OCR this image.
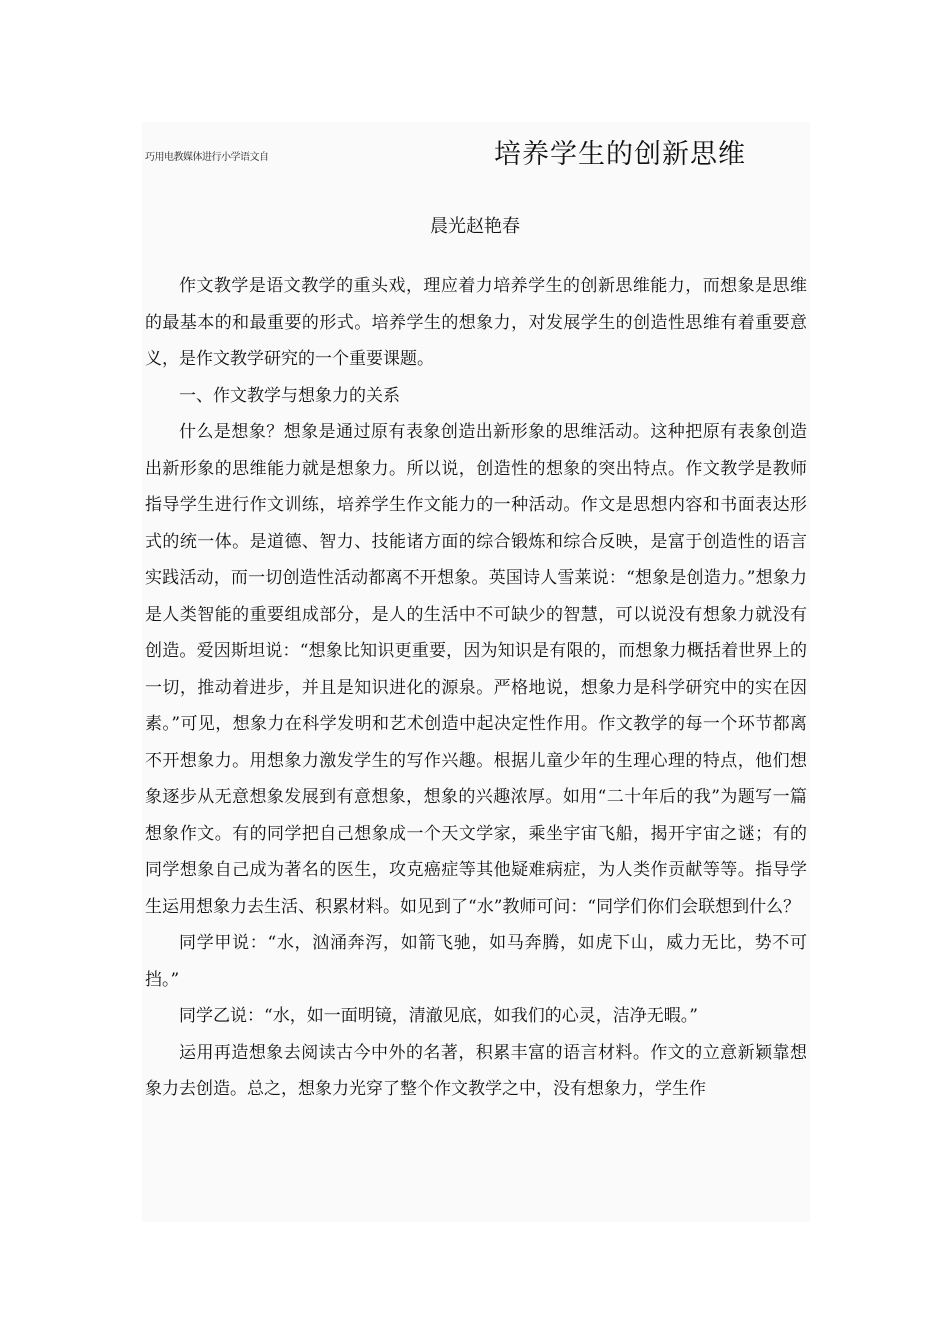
巧用电教媒体进行小学语文自	培养学生的创新思维
晨光赵艳春

作文教学是语文教学的重头戏，理应着力培养学生的创新思维能力，而想象是思维的最基本的和最重要的形式。培养学生的想象力，对发展学生的创造性思维有着重要意义，是作文教学研究的一个重要课题。

一、作文教学与想象力的关系

什么是想象？想象是通过原有表象创造出新形象的思维活动。这种把原有表象创造出新形象的思维能力就是想象力。所以说，创造性的想象的突出特点。作文教学是教师指导学生进行作文训练，培养学生作文能力的一种活动。作文是思想内容和书面表达形式的统一体。是道德、智力、技能诸方面的综合锻炼和综合反映，是富于创造性的语言实践活动，而一切创造性活动都离不开想象。英国诗人雪莱说：“想象是创造力。”想象力是人类智能的重要组成部分，是人的生活中不可缺少的智慧，可以说没有想象力就没有创造。爱因斯坦说：“想象比知识更重要，因为知识是有限的，而想象力概括着世界上的一切，推动着进步，并且是知识进化的源泉。严格地说，想象力是科学研究中的实在因素。”可见，想象力在科学发明和艺术创造中起决定性作用。作文教学的每一个环节都离不开想象力。用想象力激发学生的写作兴趣。根据儿童少年的生理心理的特点，他们想象逐步从无意想象发展到有意想象，想象的兴趣浓厚。如用“二十年后的我”为题写一篇想象作文。有的同学把自己想象成一个天文学家，乘坐宇宙飞船，揭开宇宙之谜；有的同学想象自己成为著名的医生，攻克癌症等其他疑难病症，为人类作贡献等等。指导学生运用想象力去生活、积累材料。如见到了“水”教师可问：“同学们你们会联想到什么？

同学甲说：“水，汹涌奔泻，如箭飞驰，如马奔腾，如虎下山，威力无比，势不可挡。”

同学乙说：“水，如一面明镜，清澈见底，如我们的心灵，洁净无暇。”

运用再造想象去阅读古今中外的名著，积累丰富的语言材料。作文的立意新颖靠想象力去创造。总之，想象力光穿了整个作文教学之中，没有想象力，学生作
